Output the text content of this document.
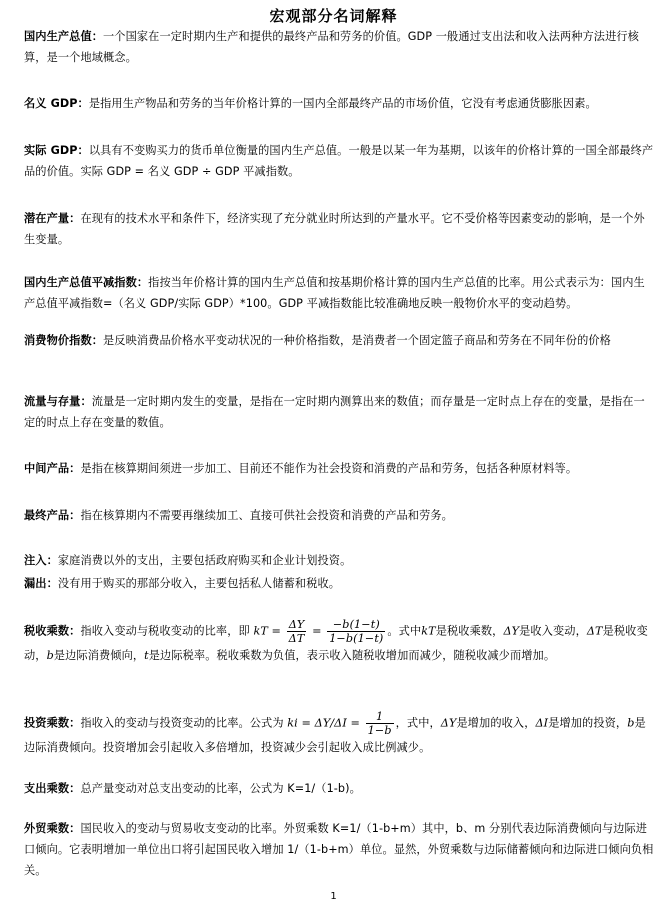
宏观部分名词解释
国内生产总值：一个国家在一定时期内生产和提供的最终产品和劳务的价值。GDP 一般通过支出法和收入法两种方法进行核算，是一个地域概念。
名义 GDP：是指用生产物品和劳务的当年价格计算的一国内全部最终产品的市场价值，它没有考虑通货膨胀因素。
实际 GDP：以具有不变购买力的货币单位衡量的国内生产总值。一般是以某一年为基期，以该年的价格计算的一国全部最终产品的价值。实际 GDP = 名义 GDP ÷ GDP 平减指数。
潜在产量：在现有的技术水平和条件下，经济实现了充分就业时所达到的产量水平。它不受价格等因素变动的影响，是一个外生变量。
国内生产总值平减指数：指按当年价格计算的国内生产总值和按基期价格计算的国内生产总值的比率。用公式表示为：国内生产总值平减指数=（名义 GDP/实际 GDP）*100。GDP 平减指数能比较准确地反映一般物价水平的变动趋势。
消费物价指数：是反映消费品价格水平变动状况的一种价格指数，是消费者一个固定篮子商品和劳务在不同年份的价格
流量与存量：流量是一定时期内发生的变量，是指在一定时期内测算出来的数值；而存量是一定时点上存在的变量，是指在一定的时点上存在变量的数值。
中间产品：是指在核算期间须进一步加工、目前还不能作为社会投资和消费的产品和劳务，包括各种原材料等。
最终产品：指在核算期内不需要再继续加工、直接可供社会投资和消费的产品和劳务。
注入：家庭消费以外的支出，主要包括政府购买和企业计划投资。
漏出：没有用于购买的那部分收入，主要包括私人储蓄和税收。
税收乘数：指收入变动与税收变动的比率，即 kT = $\frac{\Delta Y}{\Delta T} = \frac{-b(1-t)}{1-b(1-t)}$ 。式中kT是税收乘数，ΔY是收入变动，ΔT是税收变动，b是边际消费倾向，t是边际税率。税收乘数为负值，表示收入随税收增加而减少，随税收减少而增加。
投资乘数：指收入的变动与投资变动的比率。公式为 ki = $\Delta Y/\Delta I = \frac{1}{1-b}$ ，式中，ΔY是增加的收入，ΔI是增加的投资，b是边际消费倾向。投资增加会引起收入多倍增加，投资减少会引起收入成比例减少。
支出乘数：总产量变动对总支出变动的比率，公式为 K=1/（1-b)。
外贸乘数：国民收入的变动与贸易收支变动的比率。外贸乘数 K=1/（1-b+m）其中，b、m 分别代表边际消费倾向与边际进口倾向。它表明增加一单位出口将引起国民收入增加 1/（1-b+m）单位。显然，外贸乘数与边际储蓄倾向和边际进口倾向负相关。
1
